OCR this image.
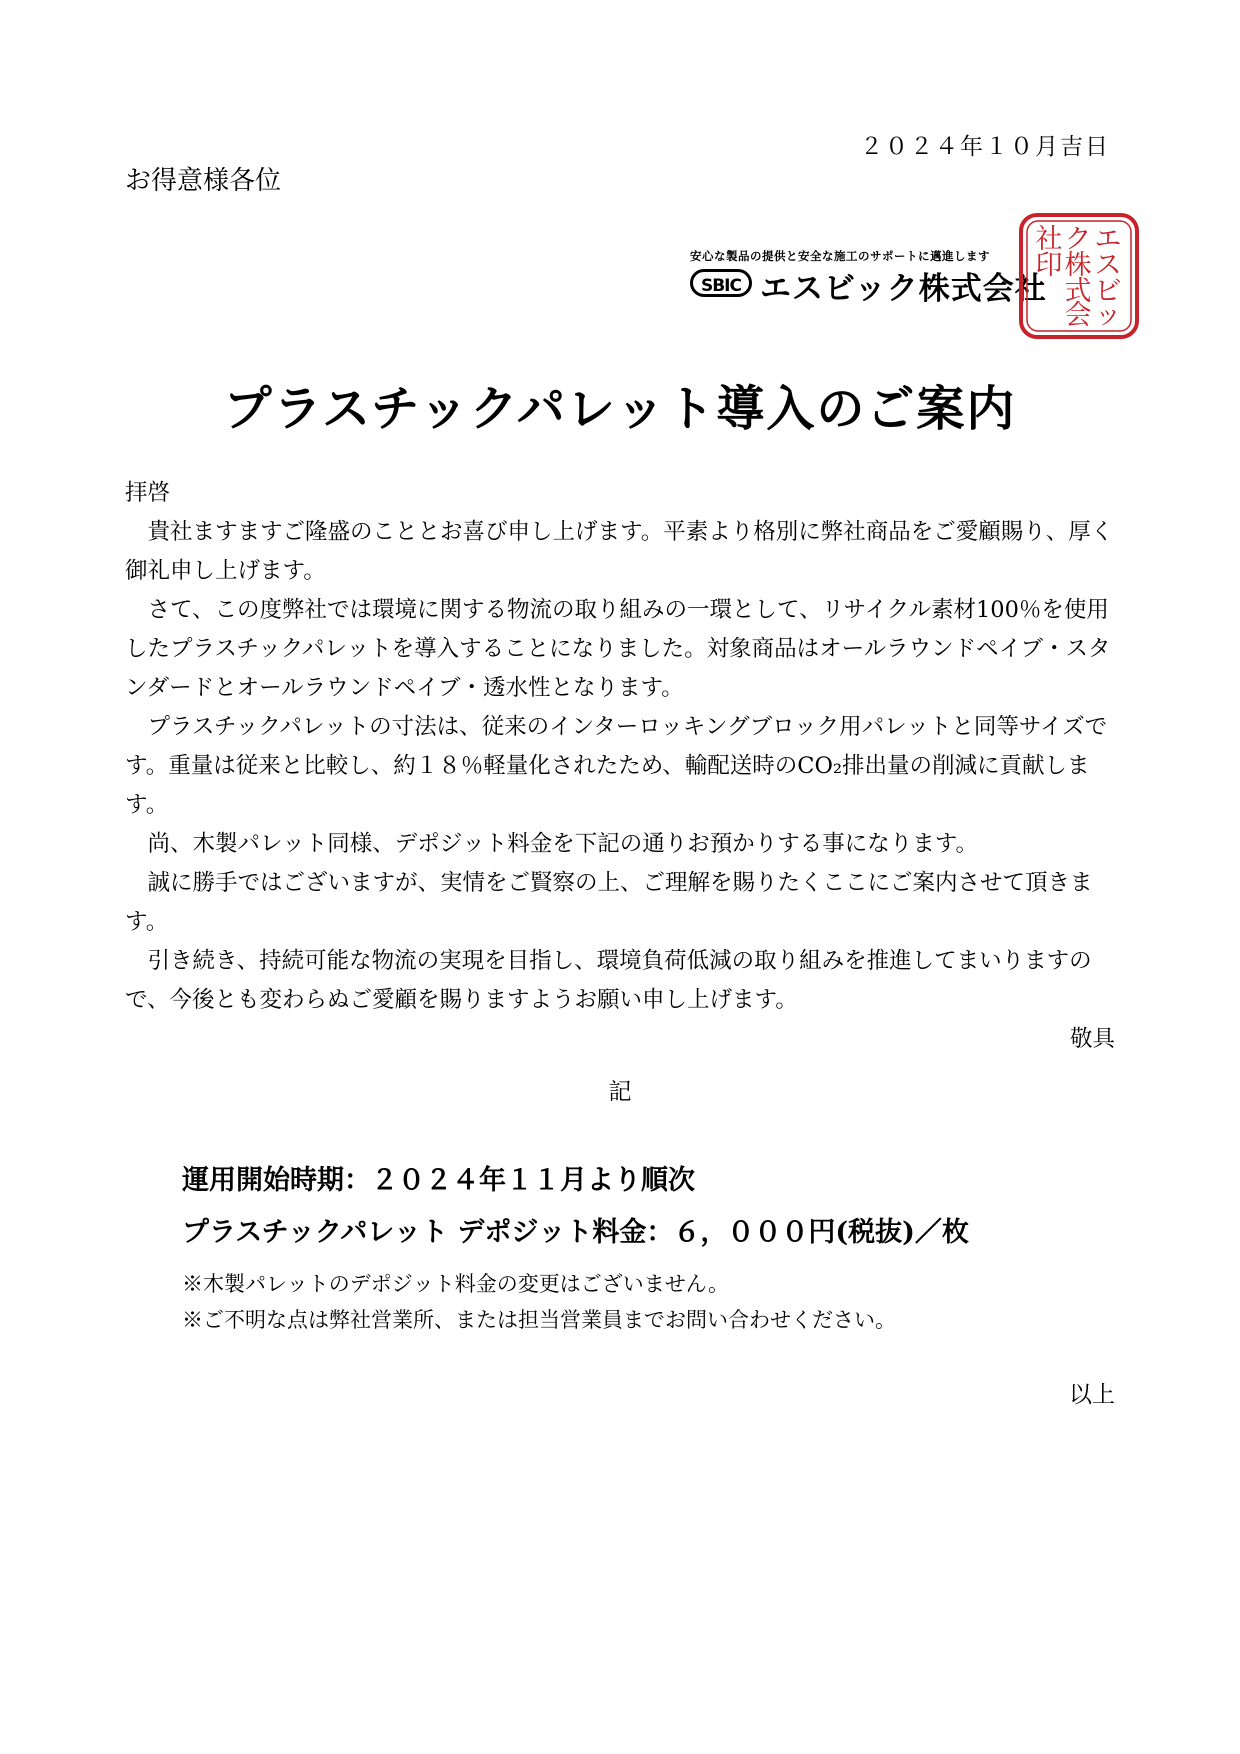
２０２４年１０月吉日
お得意様各位
安心な製品の提供と安全な施工のサポートに邁進します
SBIC エスビック株式会社
エ
ス
ビ
ッ
ク
株
式
会
社
印
プラスチックパレット導入のご案内

拝啓

貴社ますますご隆盛のこととお喜び申し上げます。平素より格別に弊社商品をご愛顧賜り、厚く御礼申し上げます。

さて、この度弊社では環境に関する物流の取り組みの一環として、リサイクル素材100％を使用したプラスチックパレットを導入することになりました。対象商品はオールラウンドペイブ・スタンダードとオールラウンドペイブ・透水性となります。

プラスチックパレットの寸法は、従来のインターロッキングブロック用パレットと同等サイズです。重量は従来と比較し、約１８％軽量化されたため、輸配送時のCO₂排出量の削減に貢献します。

尚、木製パレット同様、デポジット料金を下記の通りお預かりする事になります。

誠に勝手ではございますが、実情をご賢察の上、ご理解を賜りたくここにご案内させて頂きます。

引き続き、持続可能な物流の実現を目指し、環境負荷低減の取り組みを推進してまいりますので、今後とも変わらぬご愛顧を賜りますようお願い申し上げます。

敬具

記
運用開始時期：２０２４年１１月より順次
プラスチックパレット デポジット料金：６，０００円(税抜)／枚
※木製パレットのデポジット料金の変更はございません。
※ご不明な点は弊社営業所、または担当営業員までお問い合わせください。
以上
